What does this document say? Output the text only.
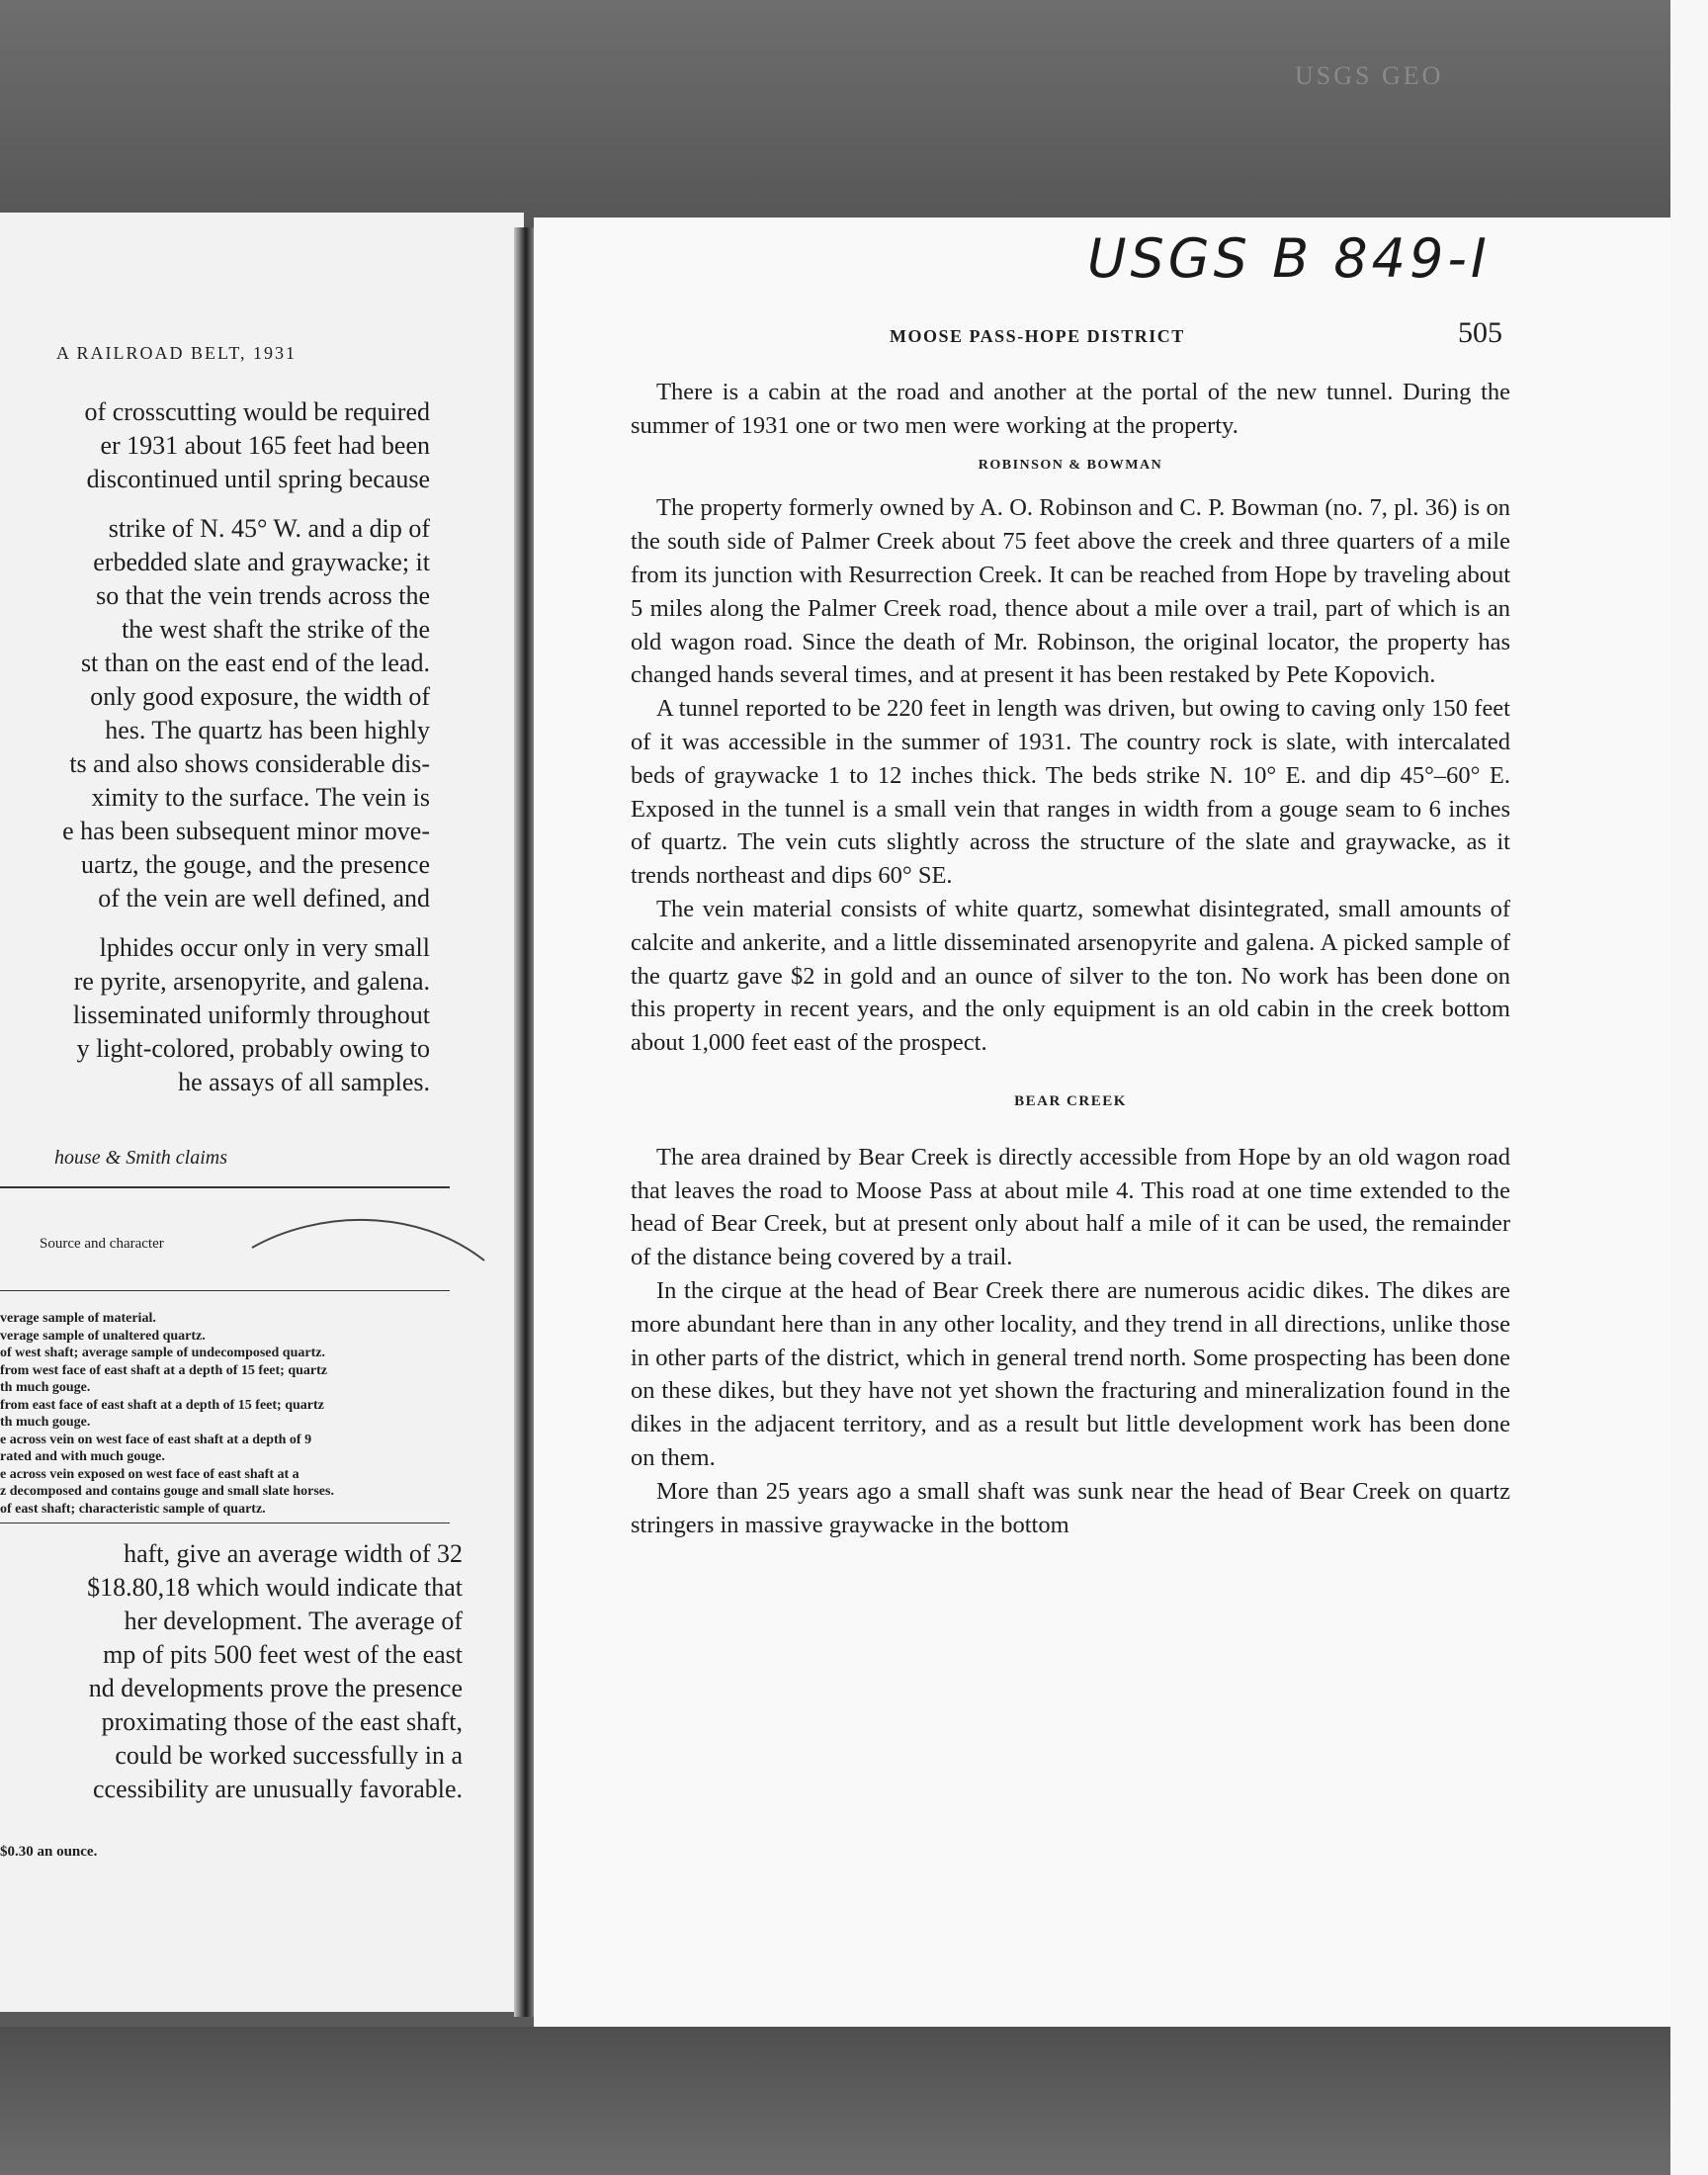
USGS GEO
A RAILROAD BELT, 1931
of crosscutting would be required
er 1931 about 165 feet had been
discontinued until spring because
strike of N. 45° W. and a dip of
erbedded slate and graywacke; it
so that the vein trends across the
the west shaft the strike of the
st than on the east end of the lead.
only good exposure, the width of
hes. The quartz has been highly
ts and also shows considerable dis-
ximity to the surface. The vein is
e has been subsequent minor move-
uartz, the gouge, and the presence
of the vein are well defined, and
lphides occur only in very small
re pyrite, arsenopyrite, and galena.
lisseminated uniformly throughout
y light-colored, probably owing to
he assays of all samples.
house & Smith claims
Source and character
verage sample of material.
verage sample of unaltered quartz.
of west shaft; average sample of undecomposed quartz.
from west face of east shaft at a depth of 15 feet; quartz
th much gouge.
from east face of east shaft at a depth of 15 feet; quartz
th much gouge.
e across vein on west face of east shaft at a depth of 9
rated and with much gouge.
e across vein exposed on west face of east shaft at a
z decomposed and contains gouge and small slate horses.
of east shaft; characteristic sample of quartz.
haft, give an average width of 32
$18.80,18 which would indicate that
her development. The average of
mp of pits 500 feet west of the east
nd developments prove the presence
proximating those of the east shaft,
could be worked successfully in a
ccessibility are unusually favorable.
$0.30 an ounce.
USGS B 849-I
MOOSE PASS-HOPE DISTRICT	505

There is a cabin at the road and another at the portal of the new tunnel. During the summer of 1931 one or two men were working at the property.

ROBINSON & BOWMAN

The property formerly owned by A. O. Robinson and C. P. Bowman (no. 7, pl. 36) is on the south side of Palmer Creek about 75 feet above the creek and three quarters of a mile from its junction with Resurrection Creek. It can be reached from Hope by traveling about 5 miles along the Palmer Creek road, thence about a mile over a trail, part of which is an old wagon road. Since the death of Mr. Robinson, the original locator, the property has changed hands several times, and at present it has been restaked by Pete Kopovich.

A tunnel reported to be 220 feet in length was driven, but owing to caving only 150 feet of it was accessible in the summer of 1931. The country rock is slate, with intercalated beds of graywacke 1 to 12 inches thick. The beds strike N. 10° E. and dip 45°–60° E. Exposed in the tunnel is a small vein that ranges in width from a gouge seam to 6 inches of quartz. The vein cuts slightly across the structure of the slate and graywacke, as it trends northeast and dips 60° SE.

The vein material consists of white quartz, somewhat disintegrated, small amounts of calcite and ankerite, and a little disseminated arsenopyrite and galena. A picked sample of the quartz gave $2 in gold and an ounce of silver to the ton. No work has been done on this property in recent years, and the only equipment is an old cabin in the creek bottom about 1,000 feet east of the prospect.

BEAR CREEK

The area drained by Bear Creek is directly accessible from Hope by an old wagon road that leaves the road to Moose Pass at about mile 4. This road at one time extended to the head of Bear Creek, but at present only about half a mile of it can be used, the remainder of the distance being covered by a trail.

In the cirque at the head of Bear Creek there are numerous acidic dikes. The dikes are more abundant here than in any other locality, and they trend in all directions, unlike those in other parts of the district, which in general trend north. Some prospecting has been done on these dikes, but they have not yet shown the fracturing and mineralization found in the dikes in the adjacent territory, and as a result but little development work has been done on them.

More than 25 years ago a small shaft was sunk near the head of Bear Creek on quartz stringers in massive graywacke in the bottom
